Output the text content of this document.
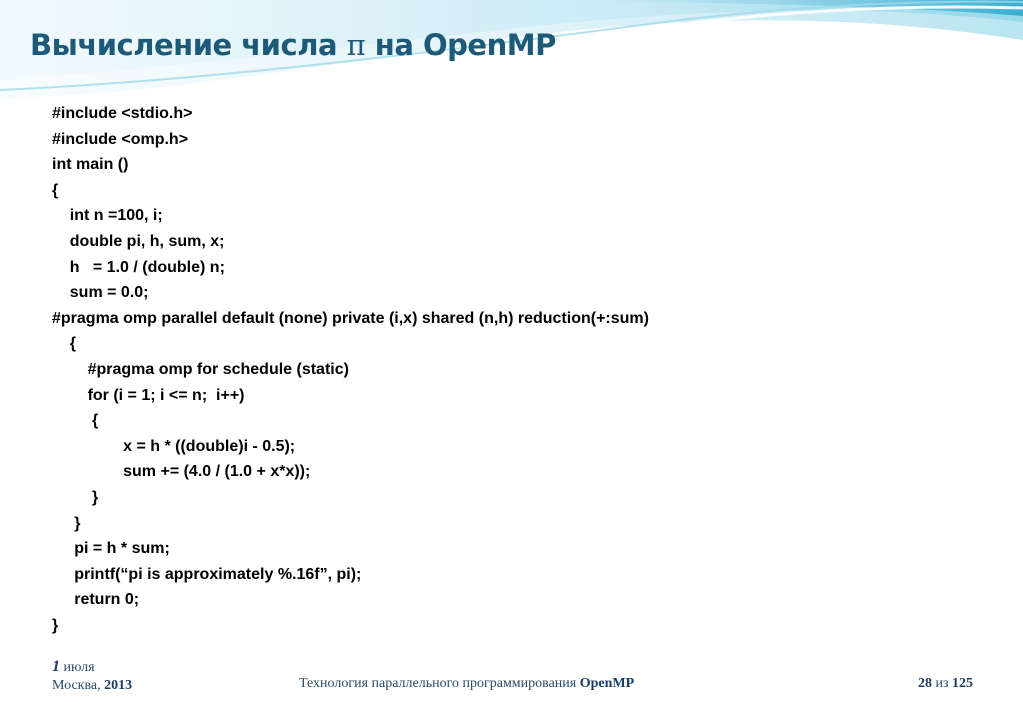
Вычисление числа π на OpenMP
#include <stdio.h>
#include <omp.h>
int main ()
{
int n =100, i;
double pi, h, sum, x;
h   = 1.0 / (double) n;
sum = 0.0;
#pragma omp parallel default (none) private (i,x) shared (n,h) reduction(+:sum)
{
#pragma omp for schedule (static)
for (i = 1; i <= n;  i++)
{
x = h * ((double)i - 0.5);
sum += (4.0 / (1.0 + x*x));
}
}
pi = h * sum;
printf(“pi is approximately %.16f”, pi);
return 0;
}
1 июля
Москва, 2013	Технология параллельного программирования OpenMP	28 из 125
